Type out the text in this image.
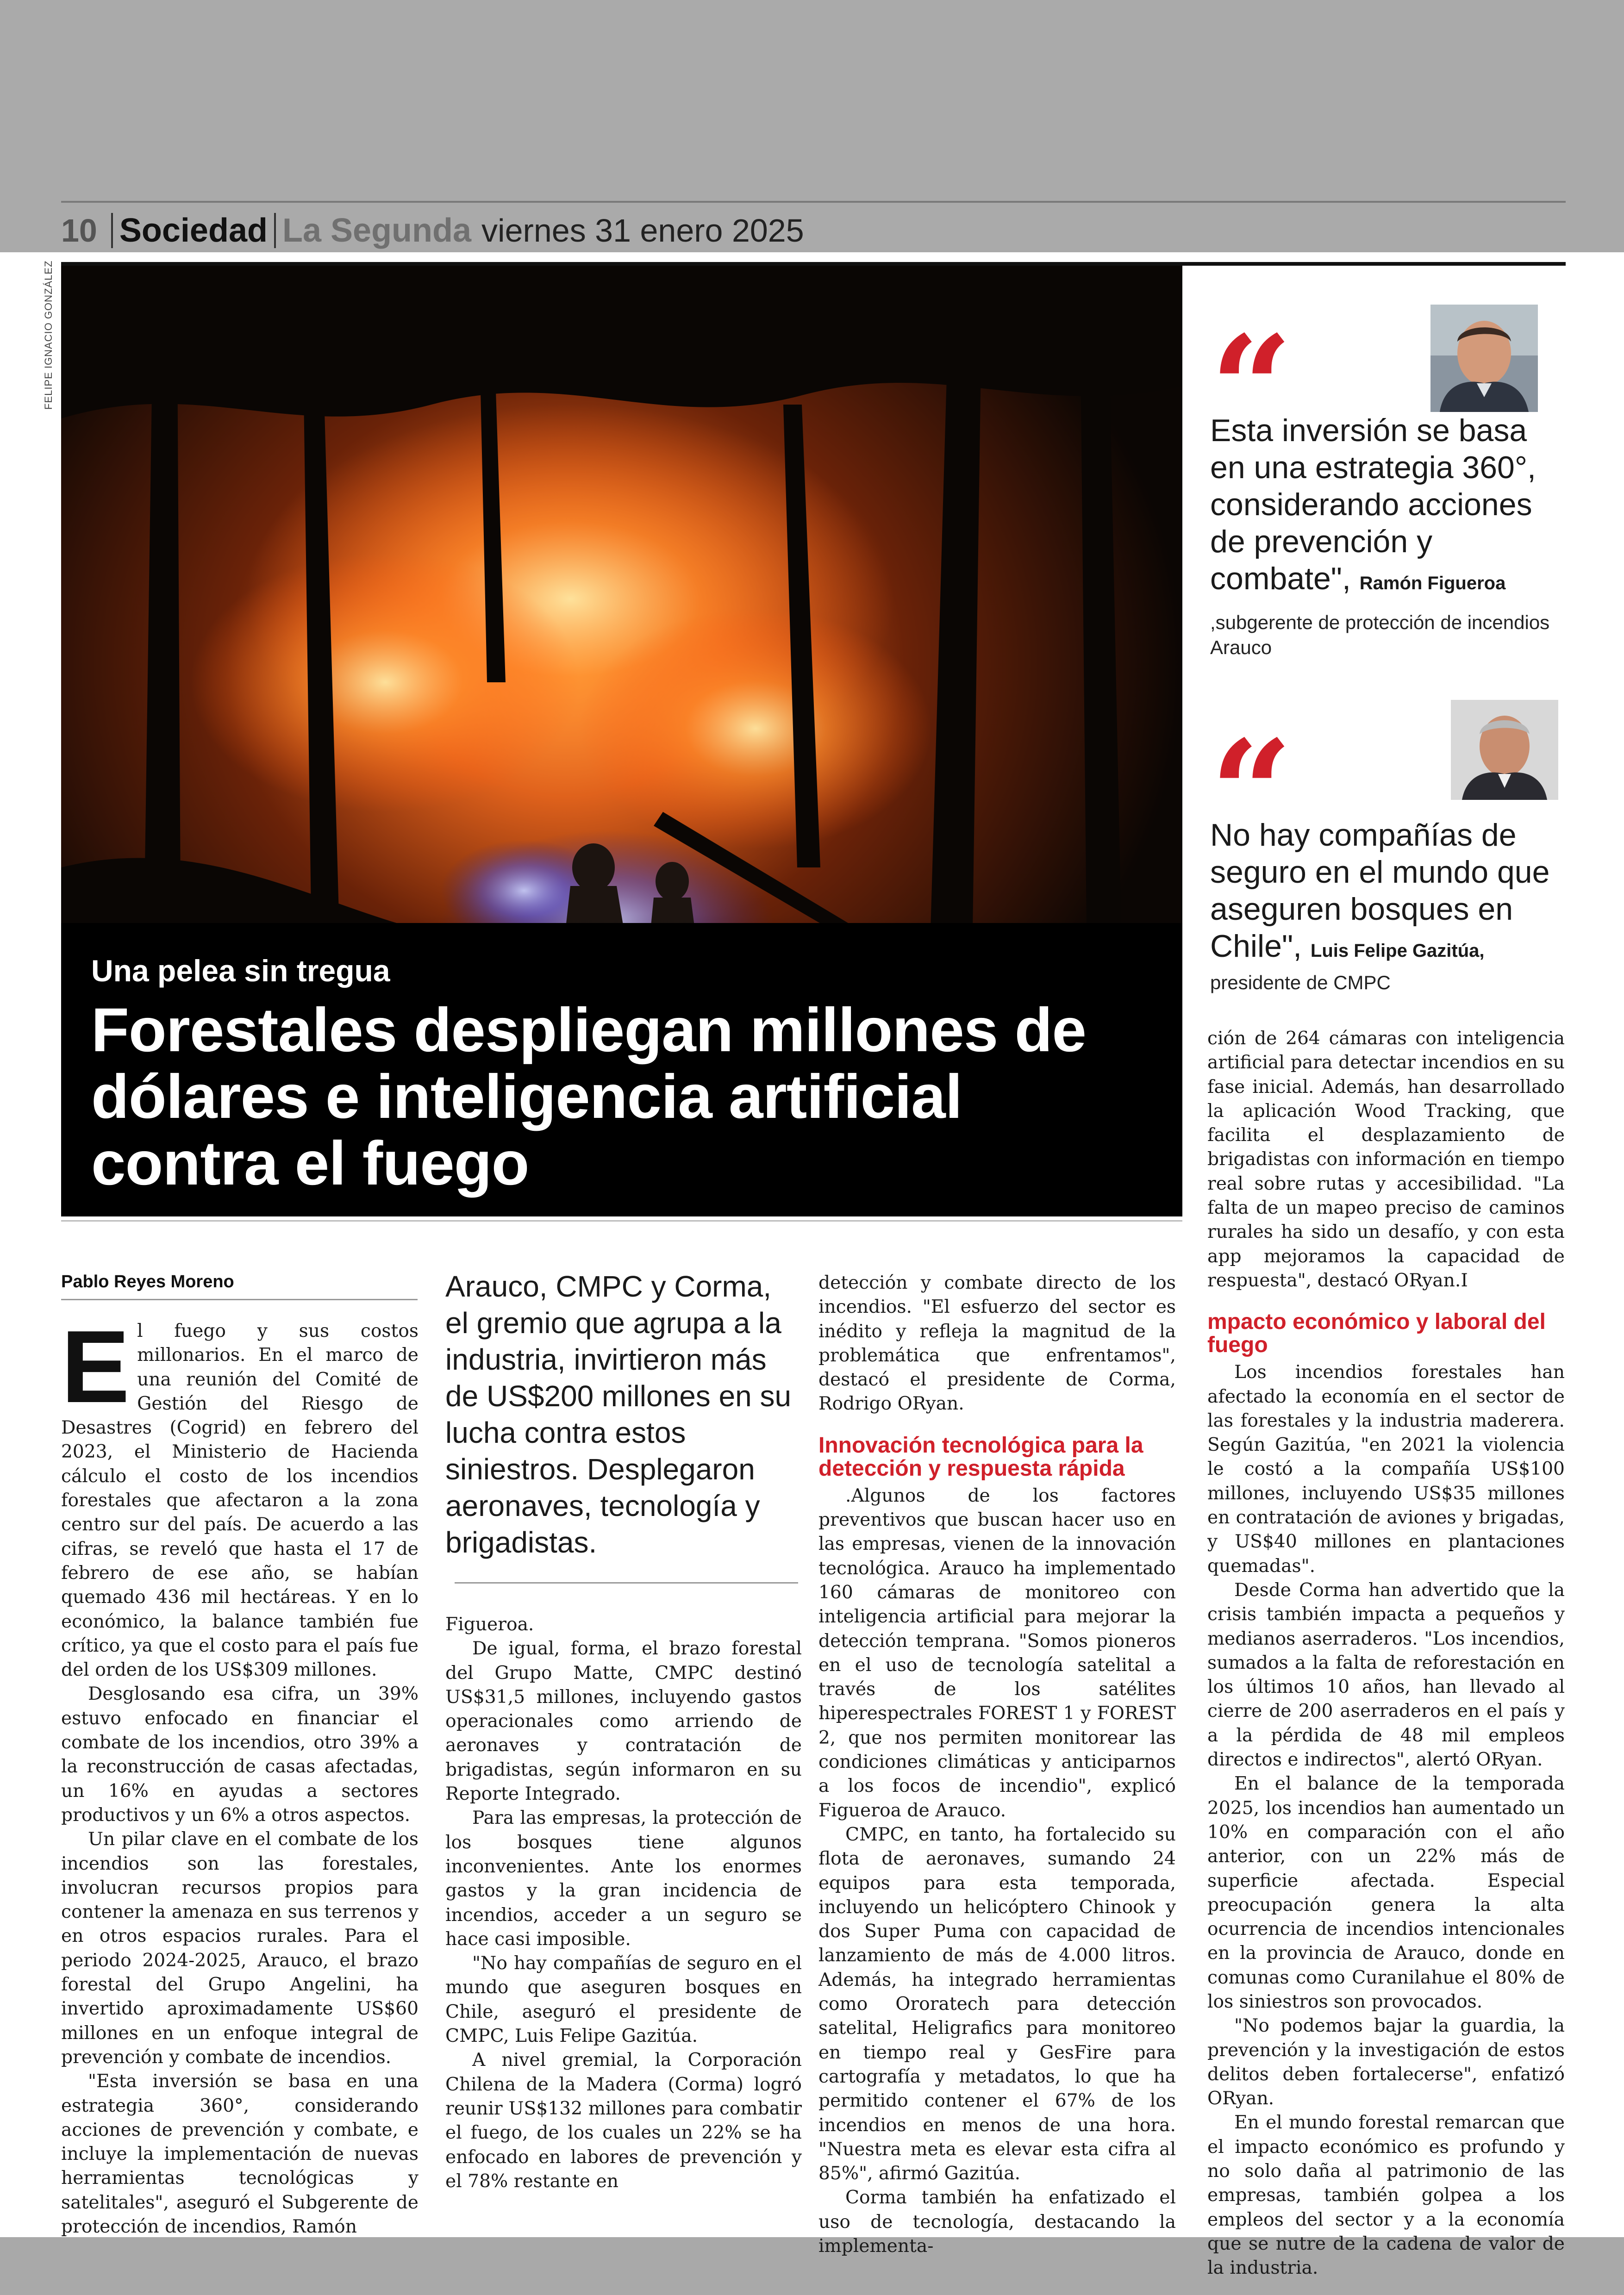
10 Sociedad La Segunda viernes 31 enero 2025
FELIPE IGNACIO GONZÁLEZ
Una pelea sin tregua
Forestales despliegan millones de dólares e inteligencia artificial contra el fuego
“
Esta inversión se basa en una estrategia 360°, considerando acciones de prevención y combate", Ramón Figueroa
,subgerente de protección de incendios Arauco
“
No hay compañías de seguro en el mundo que aseguren bosques en Chile", Luis Felipe Gazitúa,
presidente de CMPC
Pablo Reyes Moreno

El fuego y sus costos millonarios. En el marco de una reunión del Comité de Gestión del Riesgo de Desastres (Cogrid) en febrero del 2023, el Ministerio de Hacienda cálculo el costo de los incendios forestales que afectaron a la zona centro sur del país. De acuerdo a las cifras, se reveló que hasta el 17 de febrero de ese año, se habían quemado 436 mil hectáreas. Y en lo económico, la balance también fue crítico, ya que el costo para el país fue del orden de los US$309 millones.

Desglosando esa cifra, un 39% estuvo enfocado en financiar el combate de los incendios, otro 39% a la reconstrucción de casas afectadas, un 16% en ayudas a sectores productivos y un 6% a otros aspectos.

Un pilar clave en el combate de los incendios son las forestales, involucran recursos propios para contener la amenaza en sus terrenos y en otros espacios rurales. Para el periodo 2024-2025, Arauco, el brazo forestal del Grupo Angelini, ha invertido aproximadamente US$60 millones en un enfoque integral de prevención y combate de incendios.

"Esta inversión se basa en una estrategia 360°, considerando acciones de prevención y combate, e incluye la implementación de nuevas herramientas tecnológicas y satelitales", aseguró el Subgerente de protección de incendios, Ramón

Arauco, CMPC y Corma, el gremio que agrupa a la industria, invirtieron más de US$200 millones en su lucha contra estos siniestros. Desplegaron aeronaves, tecnología y brigadistas.

Figueroa.

De igual, forma, el brazo forestal del Grupo Matte, CMPC destinó US$31,5 millones, incluyendo gastos operacionales como arriendo de aeronaves y contratación de brigadistas, según informaron en su Reporte Integrado.

Para las empresas, la protección de los bosques tiene algunos inconvenientes. Ante los enormes gastos y la gran incidencia de incendios, acceder a un seguro se hace casi imposible.

"No hay compañías de seguro en el mundo que aseguren bosques en Chile, aseguró el presidente de CMPC, Luis Felipe Gazitúa.

A nivel gremial, la Corporación Chilena de la Madera (Corma) logró reunir US$132 millones para combatir el fuego, de los cuales un 22% se ha enfocado en labores de prevención y el 78% restante en

detección y combate directo de los incendios. "El esfuerzo del sector es inédito y refleja la magnitud de la problemática que enfrentamos", destacó el presidente de Corma, Rodrigo ORyan.

Innovación tecnológica para la detección y respuesta rápida

.Algunos de los factores preventivos que buscan hacer uso en las empresas, vienen de la innovación tecnológica. Arauco ha implementado 160 cámaras de monitoreo con inteligencia artificial para mejorar la detección temprana. "Somos pioneros en el uso de tecnología satelital a través de los satélites hiperespectrales FOREST 1 y FOREST 2, que nos permiten monitorear las condiciones climáticas y anticiparnos a los focos de incendio", explicó Figueroa de Arauco.

CMPC, en tanto, ha fortalecido su flota de aeronaves, sumando 24 equipos para esta temporada, incluyendo un helicóptero Chinook y dos Super Puma con capacidad de lanzamiento de más de 4.000 litros. Además, ha integrado herramientas como Ororatech para detección satelital, Heligrafics para monitoreo en tiempo real y GesFire para cartografía y metadatos, lo que ha permitido contener el 67% de los incendios en menos de una hora. "Nuestra meta es elevar esta cifra al 85%", afirmó Gazitúa.

Corma también ha enfatizado el uso de tecnología, destacando la implementa-

ción de 264 cámaras con inteligencia artificial para detectar incendios en su fase inicial. Además, han desarrollado la aplicación Wood Tracking, que facilita el desplazamiento de brigadistas con información en tiempo real sobre rutas y accesibilidad. "La falta de un mapeo preciso de caminos rurales ha sido un desafío, y con esta app mejoramos la capacidad de respuesta", destacó ORyan.I

mpacto económico y laboral del fuego

Los incendios forestales han afectado la economía en el sector de las forestales y la industria maderera. Según Gazitúa, "en 2021 la violencia le costó a la compañía US$100 millones, incluyendo US$35 millones en contratación de aviones y brigadas, y US$40 millones en plantaciones quemadas".

Desde Corma han advertido que la crisis también impacta a pequeños y medianos aserraderos. "Los incendios, sumados a la falta de reforestación en los últimos 10 años, han llevado al cierre de 200 aserraderos en el país y a la pérdida de 48 mil empleos directos e indirectos", alertó ORyan.

En el balance de la temporada 2025, los incendios han aumentado un 10% en comparación con el año anterior, con un 22% más de superficie afectada. Especial preocupación genera la alta ocurrencia de incendios intencionales en la provincia de Arauco, donde en comunas como Curanilahue el 80% de los siniestros son provocados.

"No podemos bajar la guardia, la prevención y la investigación de estos delitos deben fortalecerse", enfatizó ORyan.

En el mundo forestal remarcan que el impacto económico es profundo y no solo daña al patrimonio de las empresas, también golpea a los empleos del sector y a la economía que se nutre de la cadena de valor de la industria.
